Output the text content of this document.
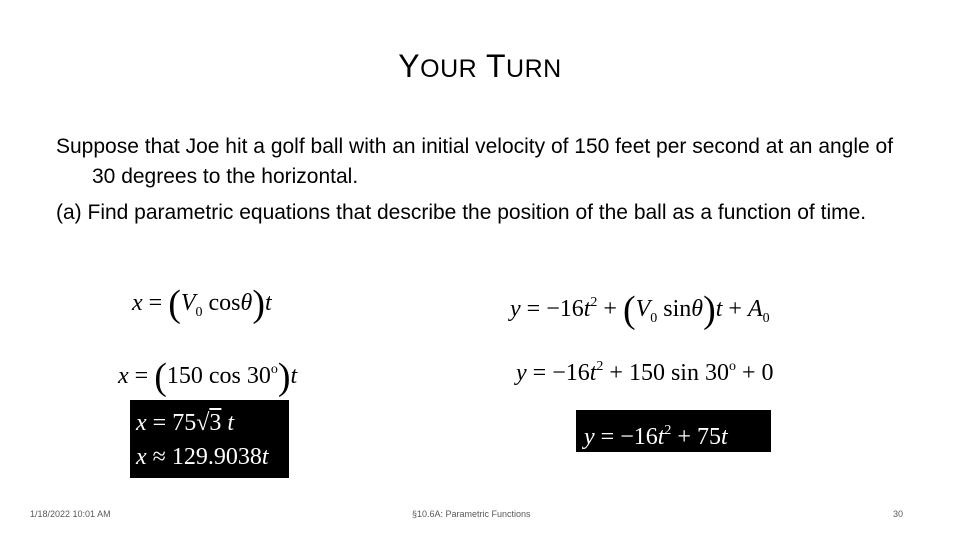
YOUR TURN

Suppose that Joe hit a golf ball with an initial velocity of 150 feet per second at an angle of 30 degrees to the horizontal.

(a) Find parametric equations that describe the position of the ball as a function of time.

$x = (V_0$ cosθ)t	$y = -16t^2 + (V_0$ $\sin\theta)t + A_0$
x = (150 cos 30$^o$)t	$y = -16t^2 + 150$ $\sin 30^o + 0$
x = 75√3 t
x ≈ 129.9038t
$y = -16t^2 + 75t$
1/18/2022 10:01 AM	§10.6A: Parametric Functions	30
